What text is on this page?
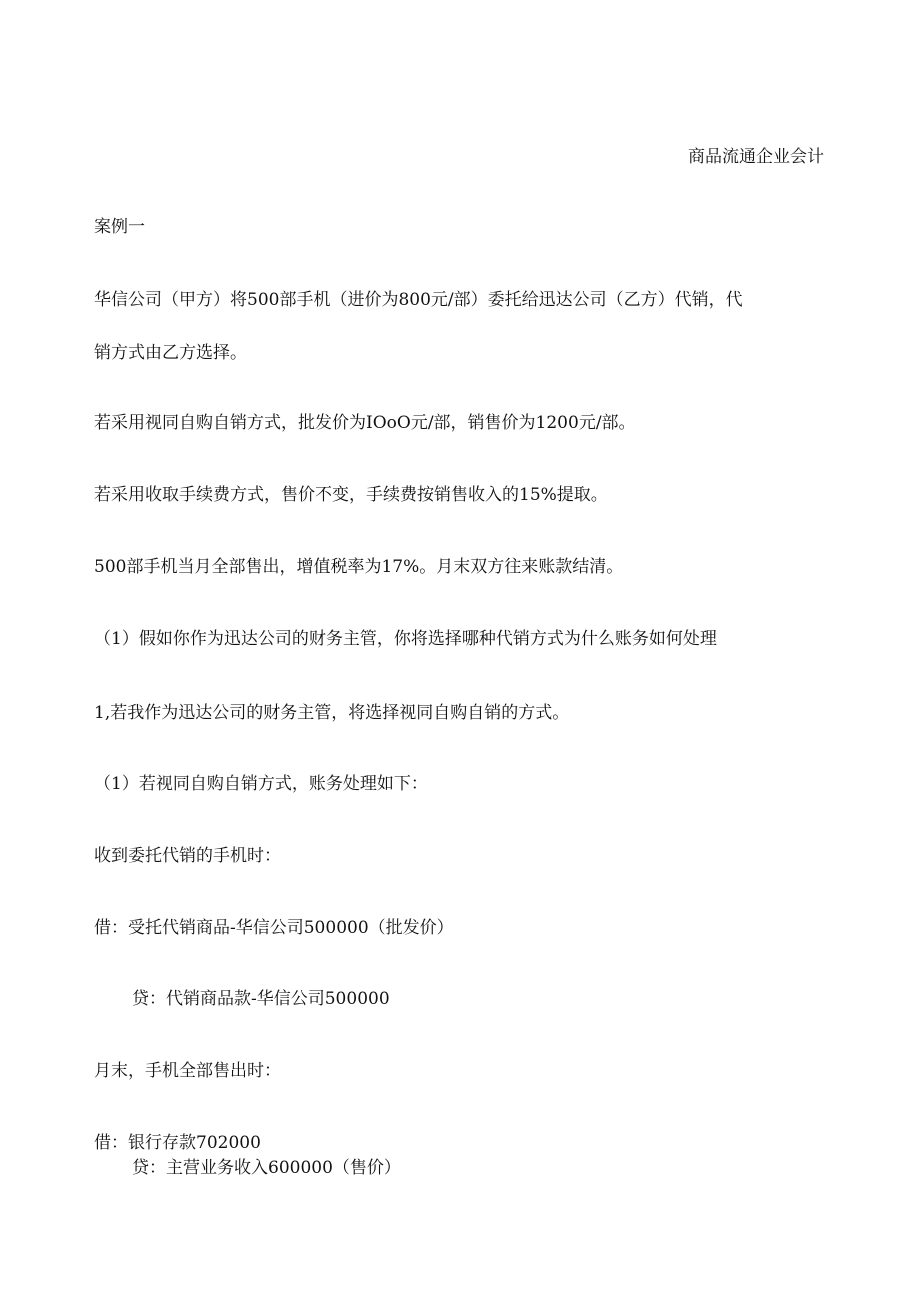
商品流通企业会计
案例一
华信公司（甲方）将500部手机（进价为800元/部）委托给迅达公司（乙方）代销，代
销方式由乙方选择。
若采用视同自购自销方式，批发价为IOoO元/部，销售价为1200元/部。
若采用收取手续费方式，售价不变，手续费按销售收入的15%提取。
500部手机当月全部售出，增值税率为17%。月末双方往来账款结清。
（1）假如你作为迅达公司的财务主管，你将选择哪种代销方式为什么账务如何处理
1,若我作为迅达公司的财务主管，将选择视同自购自销的方式。
（1）若视同自购自销方式，账务处理如下：
收到委托代销的手机时：
借：受托代销商品-华信公司500000（批发价）
贷：代销商品款-华信公司500000
月末，手机全部售出时：
借：银行存款702000
贷：主营业务收入600000（售价）
